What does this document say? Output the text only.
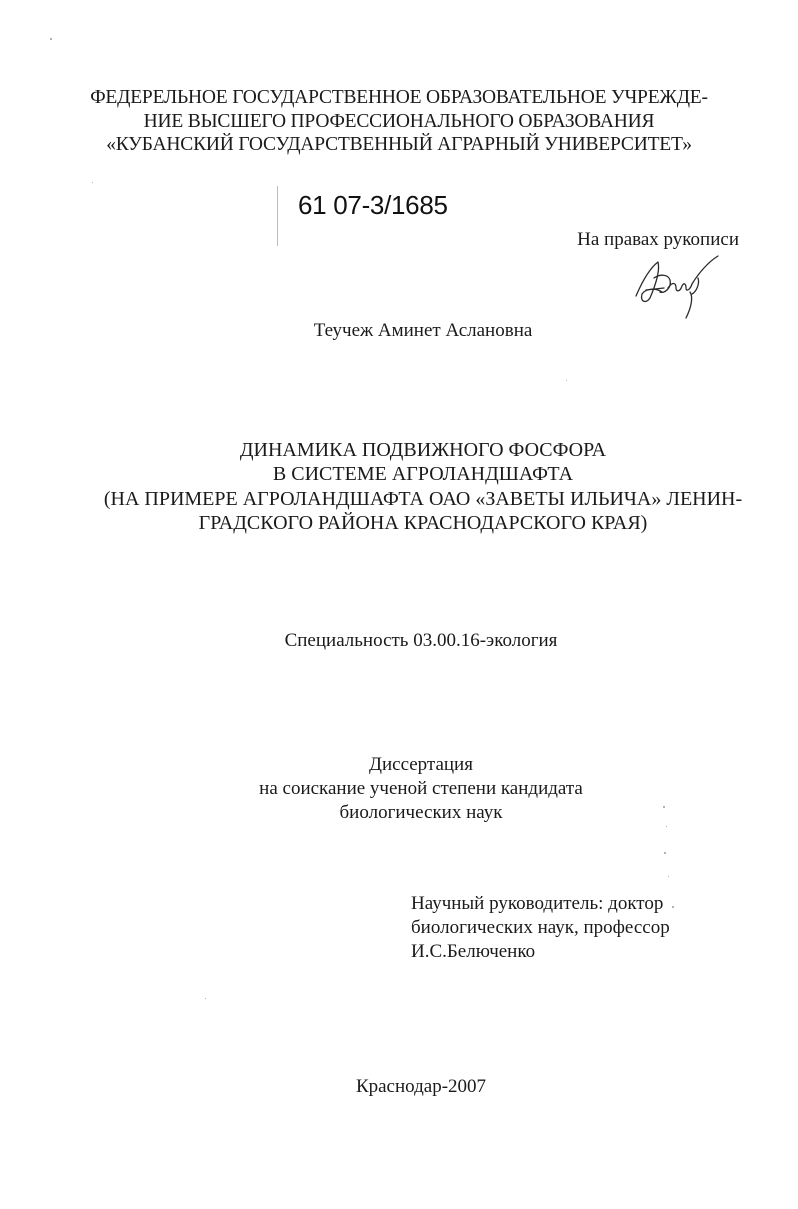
ФЕДЕРЕЛЬНОЕ ГОСУДАРСТВЕННОЕ ОБРАЗОВАТЕЛЬНОЕ УЧРЕЖДЕ-
НИЕ ВЫСШЕГО ПРОФЕССИОНАЛЬНОГО ОБРАЗОВАНИЯ
«КУБАНСКИЙ ГОСУДАРСТВЕННЫЙ АГРАРНЫЙ УНИВЕРСИТЕТ»
61 07-3/1685
На правах рукописи
Теучеж Аминет Аслановна
ДИНАМИКА ПОДВИЖНОГО ФОСФОРА
В СИСТЕМЕ АГРОЛАНДШАФТА
(НА ПРИМЕРЕ АГРОЛАНДШАФТА ОАО «ЗАВЕТЫ ИЛЬИЧА» ЛЕНИН-
ГРАДСКОГО РАЙОНА КРАСНОДАРСКОГО КРАЯ)
Специальность 03.00.16-экология
Диссертация
на соискание ученой степени кандидата
биологических наук
Научный руководитель: доктор
биологических наук, профессор
И.С.Белюченко
Краснодар-2007
